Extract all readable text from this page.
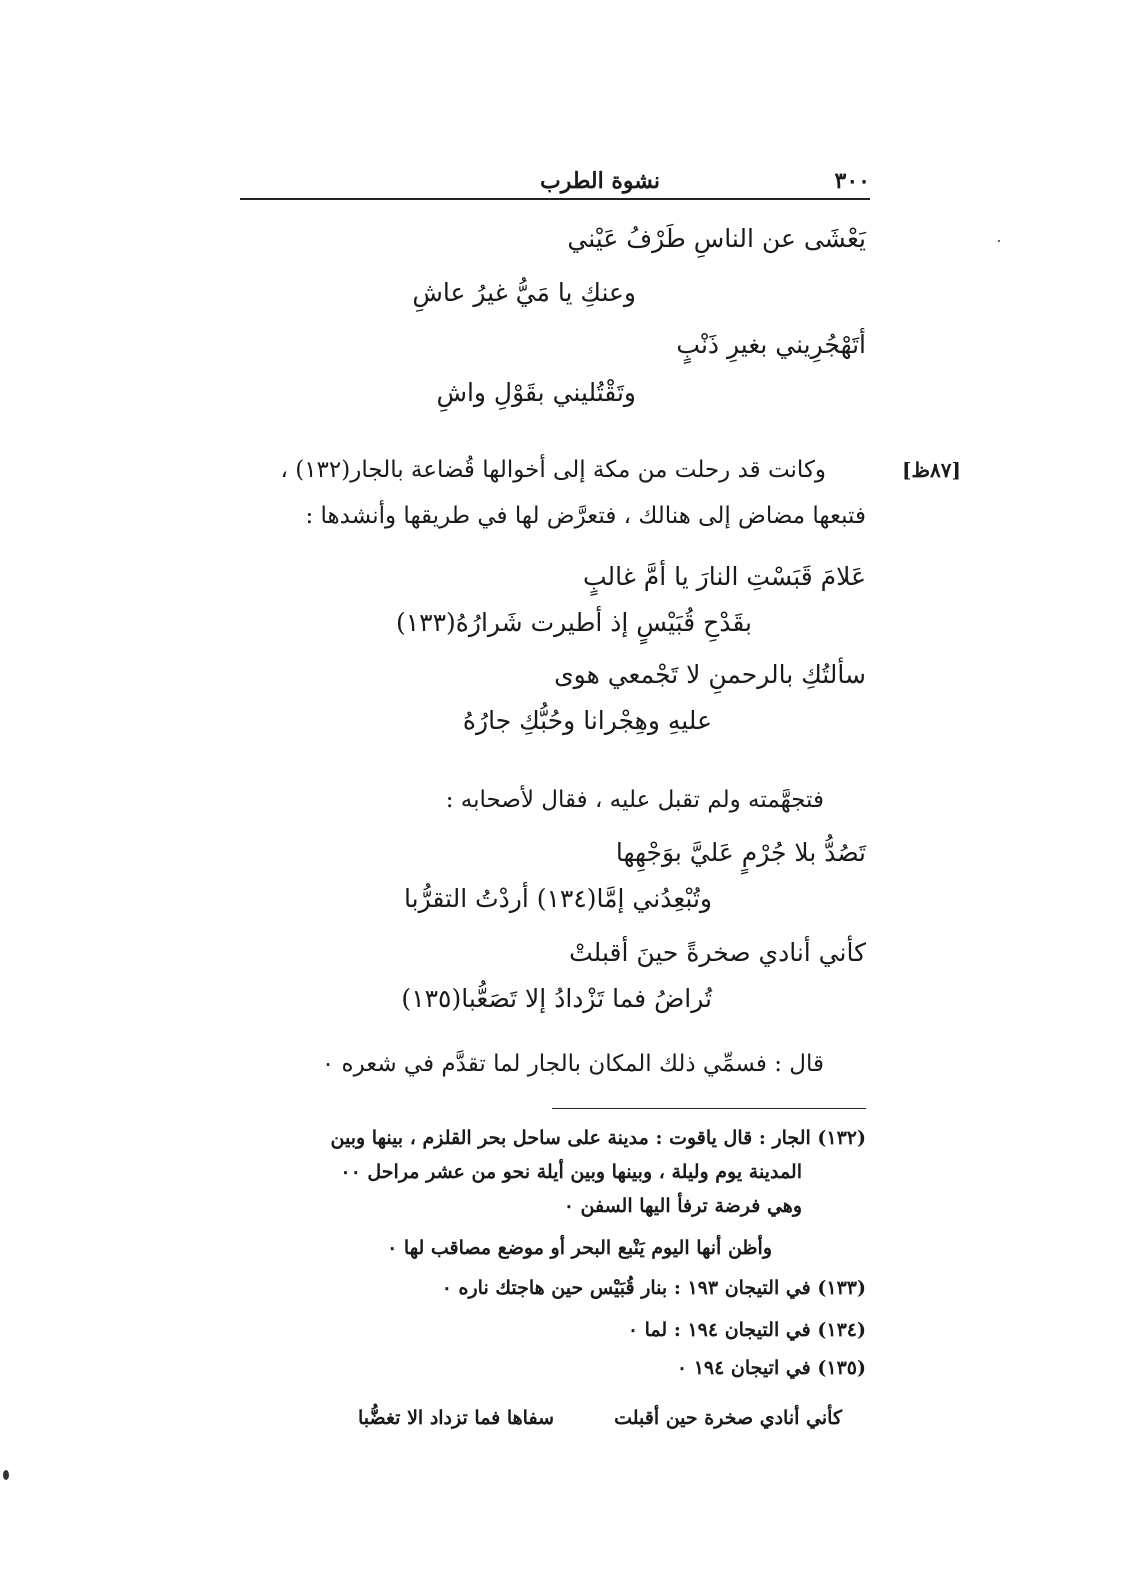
٣٠٠
نشوة الطرب
يَعْشَى عن الناسِ طَرْفُ عَيْني
وعنكِ يا مَيُّ غيرُ عاشِ
أتَهْجُرِيني بغيرِ ذَنْبٍ
وتَقْتُليني بقَوْلِ واشِ
[٨٧ظ]
وكانت قد رحلت من مكة إلى أخوالها قُضاعة بالجار(١٣٢) ،
فتبعها مضاض إلى هنالك ، فتعرَّض لها في طريقها وأنشدها :
عَلامَ قَبَسْتِ النارَ يا أمَّ غالبٍ
بقَدْحِ قُبَيْسٍ إذ أطيرت شَرارُهُ(١٣٣)
سألتُكِ بالرحمنِ لا تَجْمعي هوى
عليهِ وهِجْرانا وحُبُّكِ جارُهُ
فتجهَّمته ولم تقبل عليه ، فقال لأصحابه :
تَصُدُّ بلا جُرْمٍ عَليَّ بوَجْهِها
وتُبْعِدُني إمَّا(١٣٤) أردْتُ التقرُّبا
كأني أنادي صخرةً حينَ أقبلتْ
تُراضُ فما تَزْدادُ إلا تَصَعُّبا(١٣٥)
قال : فسمِّي ذلك المكان بالجار لما تقدَّم في شعره ٠
(١٣٢) الجار : قال ياقوت : مدينة على ساحل بحر القلزم ، بينها وبين
المدينة يوم وليلة ، وبينها وبين أيلة نحو من عشر مراحل ٠٠
وهي فرضة ترفأ اليها السفن ٠
وأظن أنها اليوم يَنْبع البحر أو موضع مصاقب لها ٠
(١٣٣) في التيجان ١٩٣ : بنار قُبَيْس حين هاجتك ناره ٠
(١٣٤) في التيجان ١٩٤ : لما ٠
(١٣٥) في اتيجان ١٩٤ ٠
كأني أنادي صخرة حين أقبلت
سفاها فما تزداد الا تغضُّبا
